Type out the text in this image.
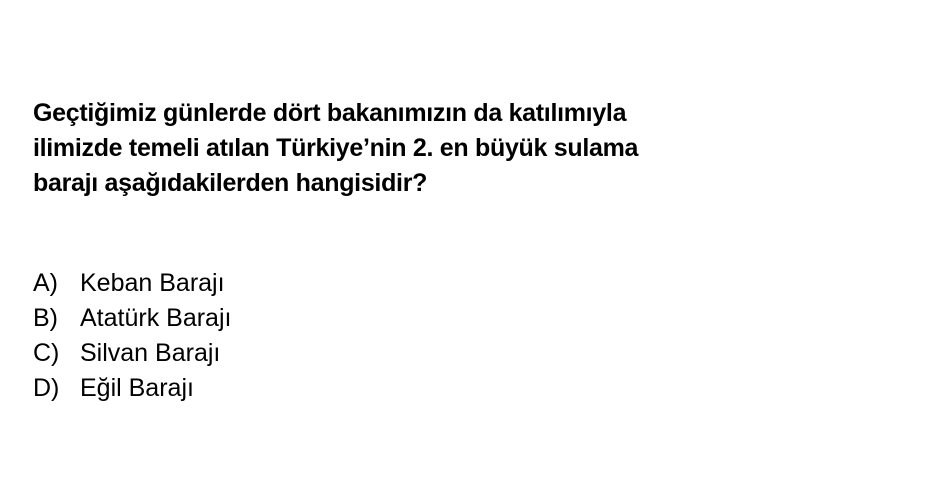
Geçtiğimiz günlerde dört bakanımızın da katılımıyla
ilimizde temeli atılan Türkiye’nin 2. en büyük sulama
barajı aşağıdakilerden hangisidir?
A) Keban Barajı
B) Atatürk Barajı
C) Silvan Barajı
D) Eğil Barajı
